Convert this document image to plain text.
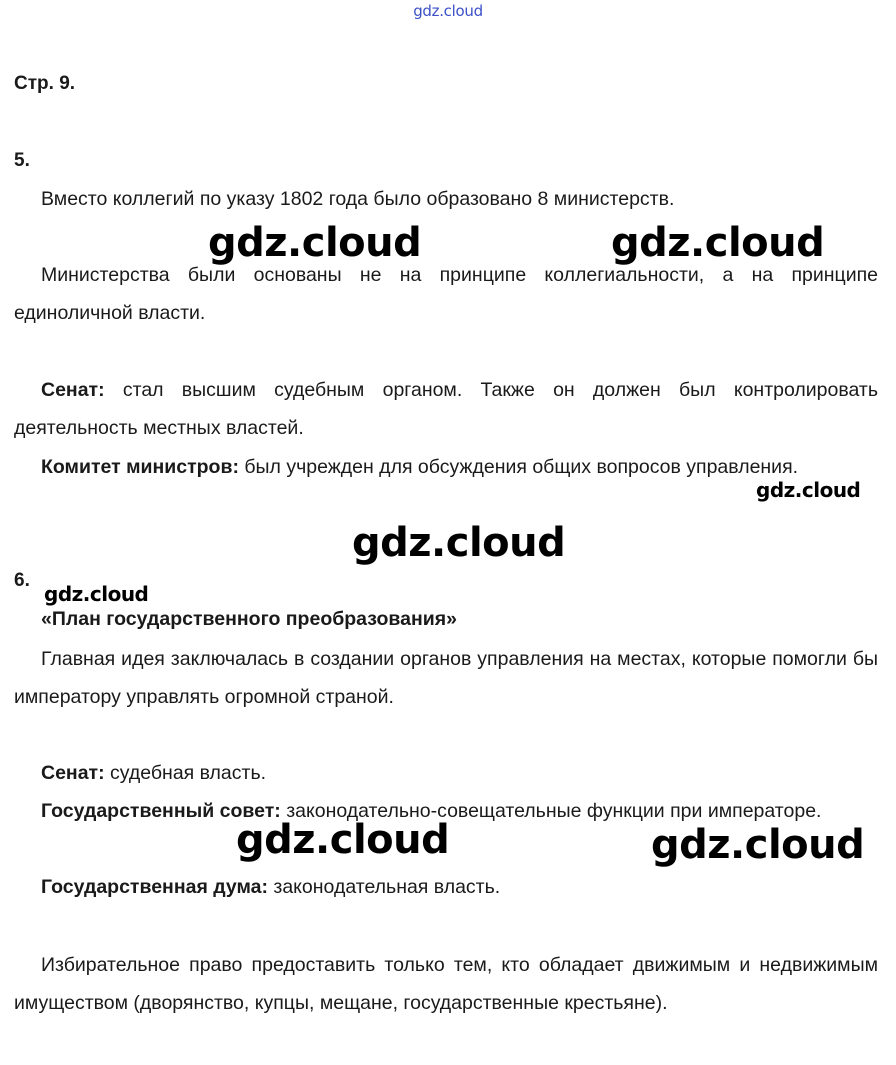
gdz.cloud
Стр. 9.
5.

Вместо коллегий по указу 1802 года было образовано 8 министерств.

Министерства были основаны не на принципе коллегиальности, а на принципе единоличной власти.

Сенат: стал высшим судебным органом. Также он должен был контролировать деятельность местных властей.

Комитет министров: был учрежден для обсуждения общих вопросов управления.

6.
«План государственного преобразования»

Главная идея заключалась в создании органов управления на местах, которые помогли бы императору управлять огромной страной.

Сенат: судебная власть.

Государственный совет: законодательно-совещательные функции при императоре.

Государственная дума: законодательная власть.

Избирательное право предоставить только тем, кто обладает движимым и недвижимым имуществом (дворянство, купцы, мещане, государственные крестьяне).

gdz.cloud	gdz.cloud
gdz.cloud
gdz.cloud
gdz.cloud
gdz.cloud	gdz.cloud
